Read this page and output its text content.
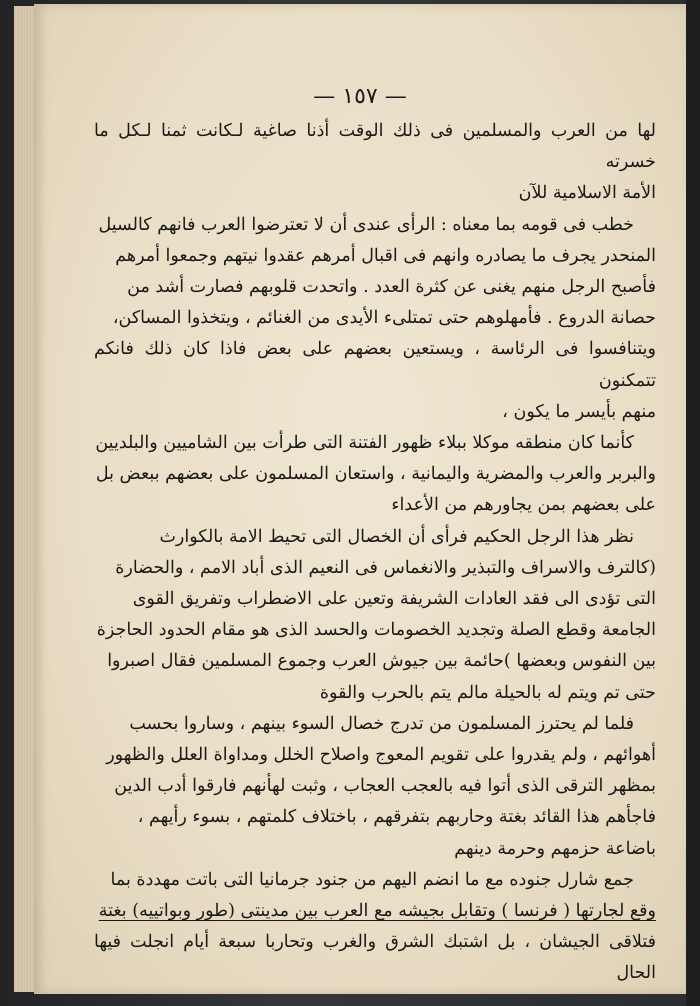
— ١٥٧ —

لها من العرب والمسلمين فى ذلك الوقت أذنا صاغية لـكانت ثمنا لـكل ما خسرته

الأمة الاسلامية للآن

خطب فى قومه بما معناه : الرأى عندى أن لا تعترضوا العرب فانهم كالسيل

المنحدر يجرف ما يصادره وانهم فى اقبال أمرهم عقدوا نيتهم وجمعوا أمرهم

فأصبح الرجل منهم يغنى عن كثرة العدد . واتحدت قلوبهم فصارت أشد من

حصانة الدروع . فأمهلوهم حتى تمتلىء الأيدى من الغنائم ، ويتخذوا المساكن،

ويتنافسوا فى الرئاسة ، ويستعين بعضهم على بعض فاذا كان ذلك فانكم تتمكنون

منهم بأيسر ما يكون ،

كأنما كان منطقه موكلا ببلاء ظهور الفتنة التى طرأت بين الشاميين والبلديين

والبربر والعرب والمضرية واليمانية ، واستعان المسلمون على بعضهم ببعض بل

على بعضهم بمن يجاورهم من الأعداء

نظر هذا الرجل الحكيم فرأى أن الخصال التى تحيط الامة بالكوارث

(كالترف والاسراف والتبذير والانغماس فى النعيم الذى أباد الامم ، والحضارة

التى تؤدى الى فقد العادات الشريفة وتعين على الاضطراب وتفريق القوى

الجامعة وقطع الصلة وتجديد الخصومات والحسد الذى هو مقام الحدود الحاجزة

بين النفوس وبعضها )حائمة بين جيوش العرب وجموع المسلمين فقال اصبروا

حتى تم ويتم له بالحيلة مالم يتم بالحرب والقوة

فلما لم يحترز المسلمون من تدرج خصال السوء بينهم ، وساروا بحسب

أهوائهم ، ولم يقدروا على تقويم المعوج واصلاح الخلل ومداواة العلل والظهور

بمظهر الترقى الذى أتوا فيه بالعجب العجاب ، وثبت لهأنهم فارقوا أدب الدين

فاجأهم هذا القائد بغتة وحاربهم بتفرقهم ، باختلاف كلمتهم ، بسوء رأيهم ،

باضاعة حزمهم وحرمة دينهم

جمع شارل جنوده مع ما انضم اليهم من جنود جرمانيا التى باتت مهددة بما

وقع لجارتها ( فرنسا ) وتقابل بجيشه مع العرب بين مدينتى (طور وبواتييه) بغتة

فتلاقى الجيشان ، بل اشتبك الشرق والغرب وتحاربا سبعة أيام انجلت فيها الحال
